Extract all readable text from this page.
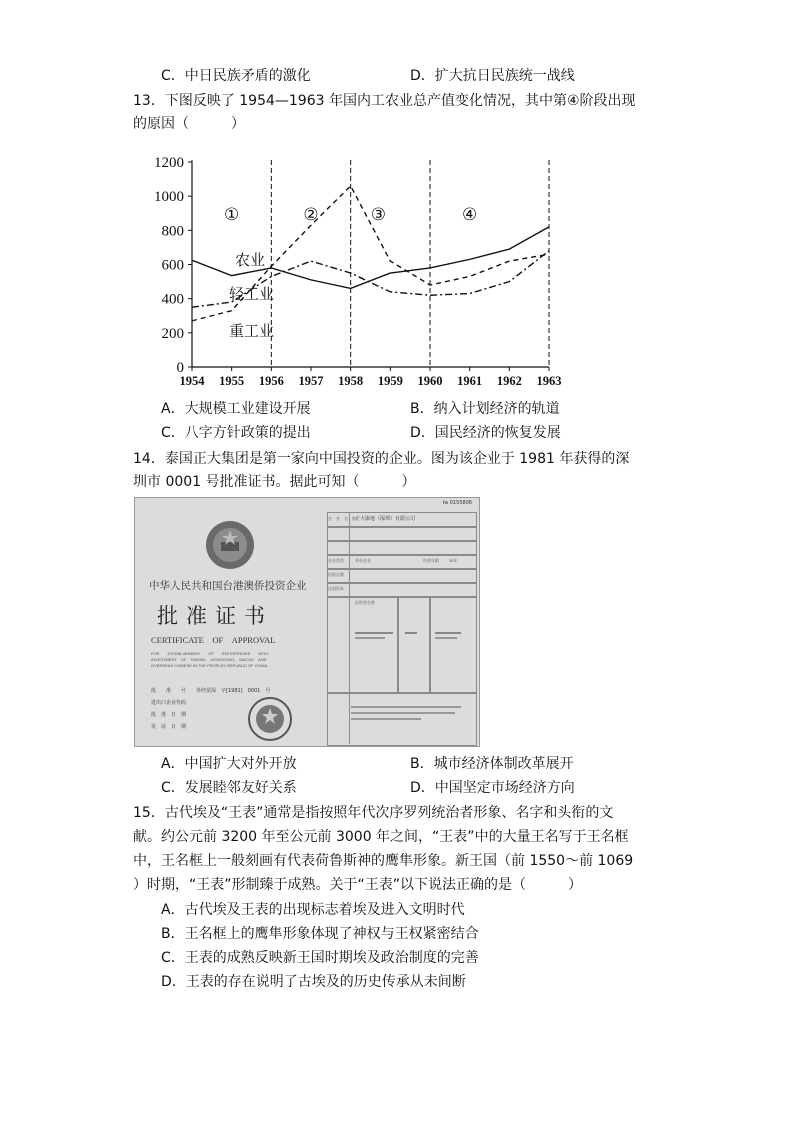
C．中日民族矛盾的激化	D．扩大抗日民族统一战线
13．下图反映了 1954—1963 年国内工农业总产值变化情况，其中第④阶段出现
的原因（　　　）
0
200
400
600
800
1000
1200
1954 1955 1956 1957 1958 1959 1960 1961 1962 1963
①	②	③	④
农业
轻工业
重工业
A．大规模工业建设开展	B．纳入计划经济的轨道
C．八字方针政策的提出	D．国民经济的恢复发展
14．泰国正大集团是第一家向中国投资的企业。图为该企业于 1981 年获得的深
圳市 0001 号批准证书。据此可知（　　　）
中华人民共和国台港澳侨投资企业
批准证书
CERTIFICATE　OF　APPROVAL
FOR　　ESTABLISHMENT　　OF　　ENTERPRISES　　WITH
INVESTMENT　OF　TAIWAN,　HONGKONG,　MACAO　AND
OVERSEAS CHINESE IN THE PEOPLES REPUBLIC OF CHINA
批　　准　　号　　外经贸深　字[1981]　0001　号
进出口企业代码
批　准　日　期
发　证　日　期
№ 0155806
企　业　名　称 正大康地（深圳）有限公司
企业类型	外资企业	经营年限	30年
投资总额
注册资本
投资者名称
A．中国扩大对外开放	B．城市经济体制改革展开
C．发展睦邻友好关系	D．中国坚定市场经济方向
15．古代埃及“王表”通常是指按照年代次序罗列统治者形象、名字和头衔的文
献。约公元前 3200 年至公元前 3000 年之间，“王表”中的大量王名写于王名框
中，王名框上一般刻画有代表荷鲁斯神的鹰隼形象。新王国（前 1550～前 1069
）时期，“王表”形制臻于成熟。关于“王表”以下说法正确的是（　　　）
A．古代埃及王表的出现标志着埃及进入文明时代
B．王名框上的鹰隼形象体现了神权与王权紧密结合
C．王表的成熟反映新王国时期埃及政治制度的完善
D．王表的存在说明了古埃及的历史传承从未间断
